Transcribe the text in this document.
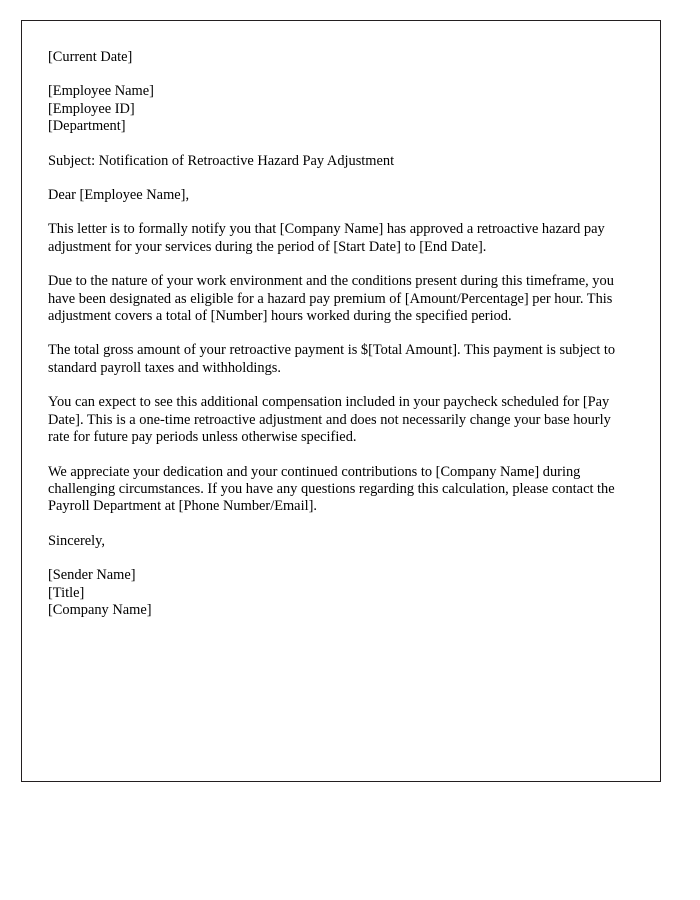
[Current Date]
[Employee Name]
[Employee ID]
[Department]
Subject: Notification of Retroactive Hazard Pay Adjustment
Dear [Employee Name],

This letter is to formally notify you that [Company Name] has approved a retroactive hazard pay adjustment for your services during the period of [Start Date] to [End Date].

Due to the nature of your work environment and the conditions present during this timeframe, you have been designated as eligible for a hazard pay premium of [Amount/Percentage] per hour. This adjustment covers a total of [Number] hours worked during the specified period.

The total gross amount of your retroactive payment is $[Total Amount]. This payment is subject to standard payroll taxes and withholdings.

You can expect to see this additional compensation included in your paycheck scheduled for [Pay Date]. This is a one-time retroactive adjustment and does not necessarily change your base hourly rate for future pay periods unless otherwise specified.

We appreciate your dedication and your continued contributions to [Company Name] during challenging circumstances. If you have any questions regarding this calculation, please contact the Payroll Department at [Phone Number/Email].

Sincerely,
[Sender Name]
[Title]
[Company Name]
